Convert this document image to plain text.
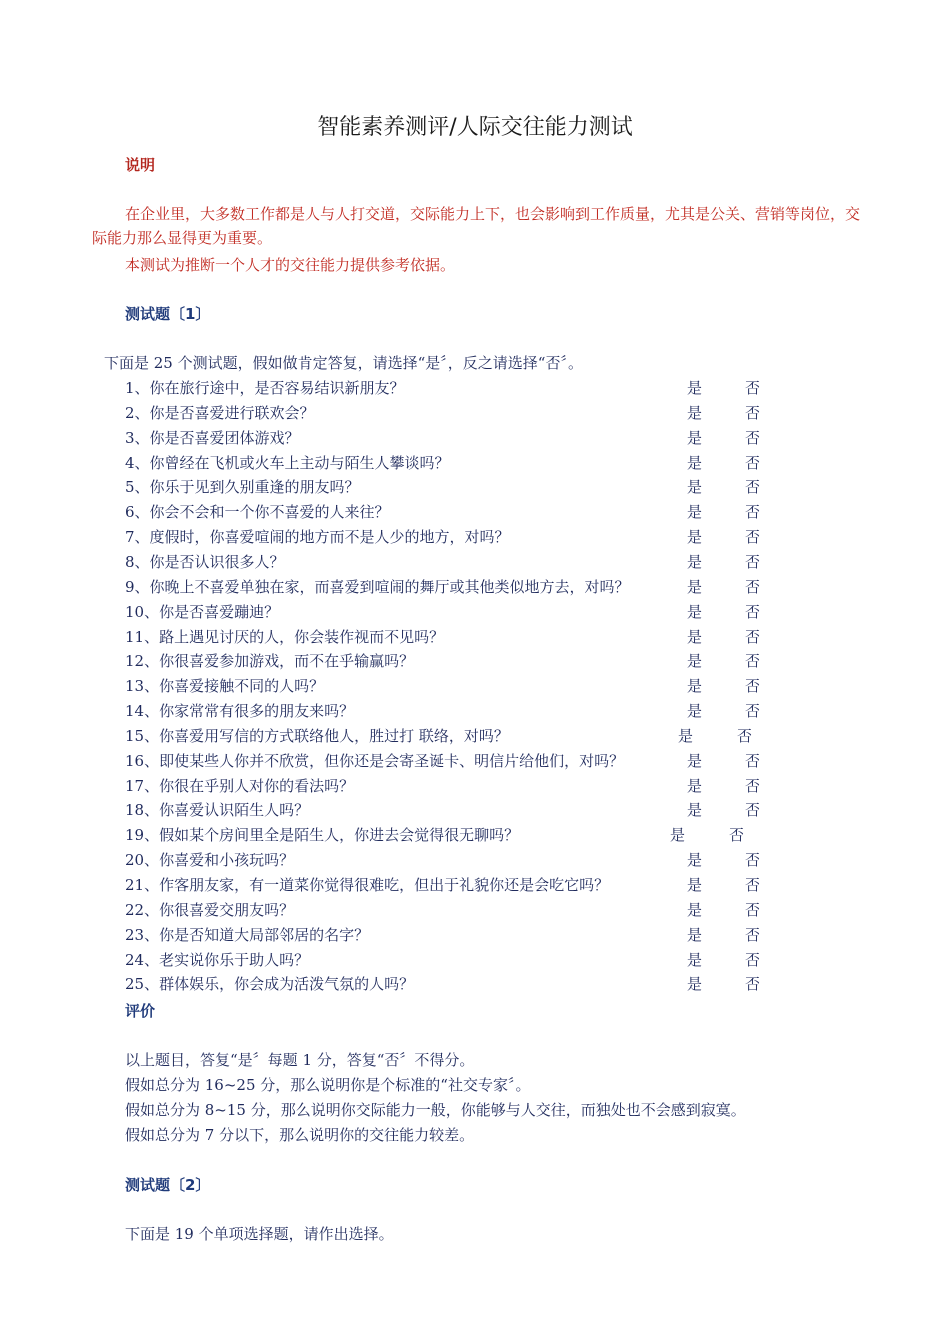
智能素养测评/人际交往能力测试
说明
在企业里，大多数工作都是人与人打交道，交际能力上下，也会影响到工作质量，尤其是公关、营销等岗位，交际能力那么显得更为重要。
本测试为推断一个人才的交往能力提供参考依据。
测试题〔1〕
下面是 25 个测试题，假如做肯定答复，请选择“是〞，反之请选择“否〞。
1、你在旅行途中，是否容易结识新朋友？	是	否
2、你是否喜爱进行联欢会？	是	否
3、你是否喜爱团体游戏？	是	否
4、你曾经在飞机或火车上主动与陌生人攀谈吗？	是	否
5、你乐于见到久别重逢的朋友吗？	是	否
6、你会不会和一个你不喜爱的人来往？	是	否
7、度假时，你喜爱喧闹的地方而不是人少的地方，对吗？	是	否
8、你是否认识很多人？	是	否
9、你晚上不喜爱单独在家，而喜爱到喧闹的舞厅或其他类似地方去，对吗？	是	否
10、你是否喜爱蹦迪？	是	否
11、路上遇见讨厌的人，你会装作视而不见吗？	是	否
12、你很喜爱参加游戏，而不在乎输赢吗？	是	否
13、你喜爱接触不同的人吗？	是	否
14、你家常常有很多的朋友来吗？	是	否
15、你喜爱用写信的方式联络他人，胜过打 联络，对吗？	是	否
16、即使某些人你并不欣赏，但你还是会寄圣诞卡、明信片给他们，对吗？	是	否
17、你很在乎别人对你的看法吗？	是	否
18、你喜爱认识陌生人吗？	是	否
19、假如某个房间里全是陌生人，你进去会觉得很无聊吗？	是	否
20、你喜爱和小孩玩吗？	是	否
21、作客朋友家，有一道菜你觉得很难吃，但出于礼貌你还是会吃它吗？	是	否
22、你很喜爱交朋友吗？	是	否
23、你是否知道大局部邻居的名字？	是	否
24、老实说你乐于助人吗？	是	否
25、群体娱乐，你会成为活泼气氛的人吗？	是	否
评价
以上题目，答复“是〞每题 1 分，答复“否〞不得分。
假如总分为 16~25 分，那么说明你是个标准的“社交专家〞。
假如总分为 8~15 分，那么说明你交际能力一般，你能够与人交往，而独处也不会感到寂寞。
假如总分为 7 分以下，那么说明你的交往能力较差。
测试题〔2〕
下面是 19 个单项选择题，请作出选择。
